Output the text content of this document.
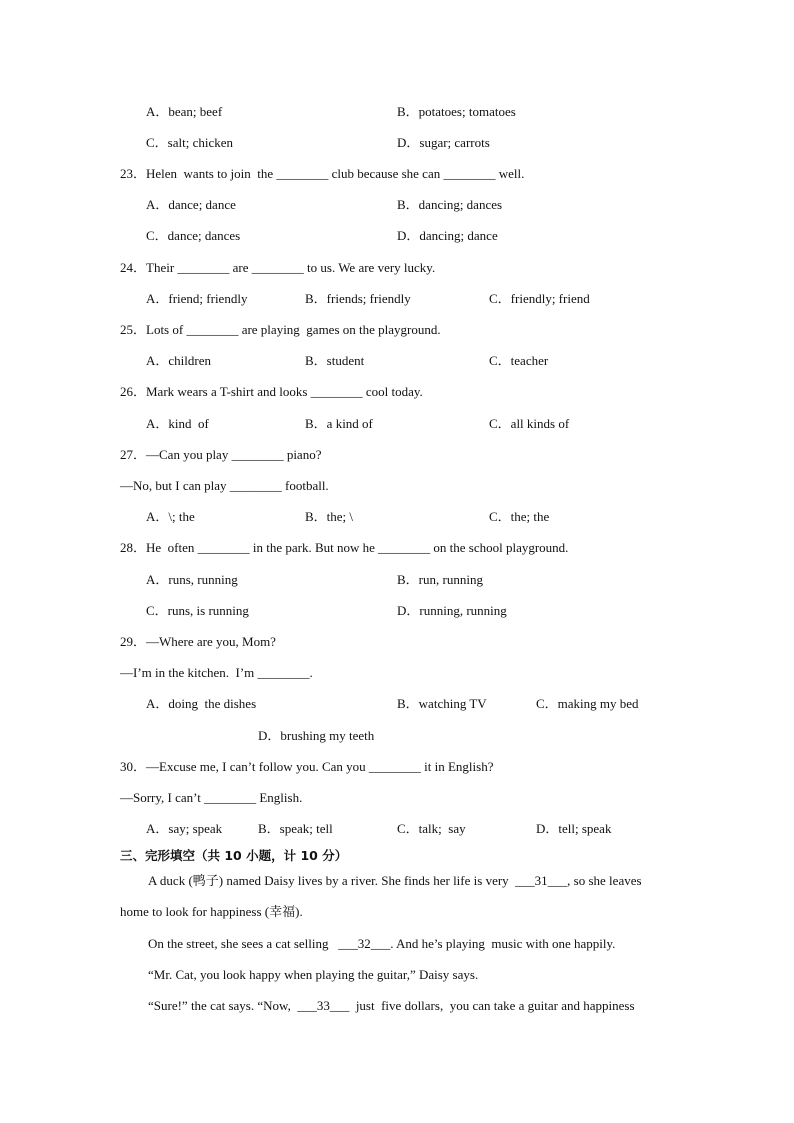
A．bean; beef	B．potatoes; tomatoes
C．salt; chicken	D．sugar; carrots
23．Helen  wants to join  the ________ club because she can ________ well.
A．dance; dance	B．dancing; dances
C．dance; dances	D．dancing; dance
24．Their ________ are ________ to us. We are very lucky.
A．friend; friendly	B．friends; friendly	C．friendly; friend
25．Lots of ________ are playing  games on the playground.
A．children	B．student	C．teacher
26．Mark wears a T-shirt and looks ________ cool today.
A．kind  of	B．a kind of	C．all kinds of
27．—Can you play ________ piano?
—No, but I can play ________ football.
A．\; the	B．the; \	C．the; the
28．He  often ________ in the park. But now he ________ on the school playground.
A．runs, running	B．run, running
C．runs, is running	D．running, running
29．—Where are you, Mom?
—I’m in the kitchen.  I’m ________.
A．doing  the dishes	B．watching TV	C．making my bed
D．brushing my teeth
30．—Excuse me, I can’t follow you. Can you ________ it in English?
—Sorry, I can’t ________ English.
A．say; speak	B．speak; tell	C．talk;  say	D．tell; speak
三、完形填空（共 10 小题，计 10 分）
A duck (鸭子) named Daisy lives by a river. She finds her life is very  ___31___, so she leaves
home to look for happiness (幸福).
On the street, she sees a cat selling   ___32___. And he’s playing  music with one happily.
“Mr. Cat, you look happy when playing the guitar,” Daisy says.
“Sure!” the cat says. “Now,  ___33___  just  five dollars,  you can take a guitar and happiness
